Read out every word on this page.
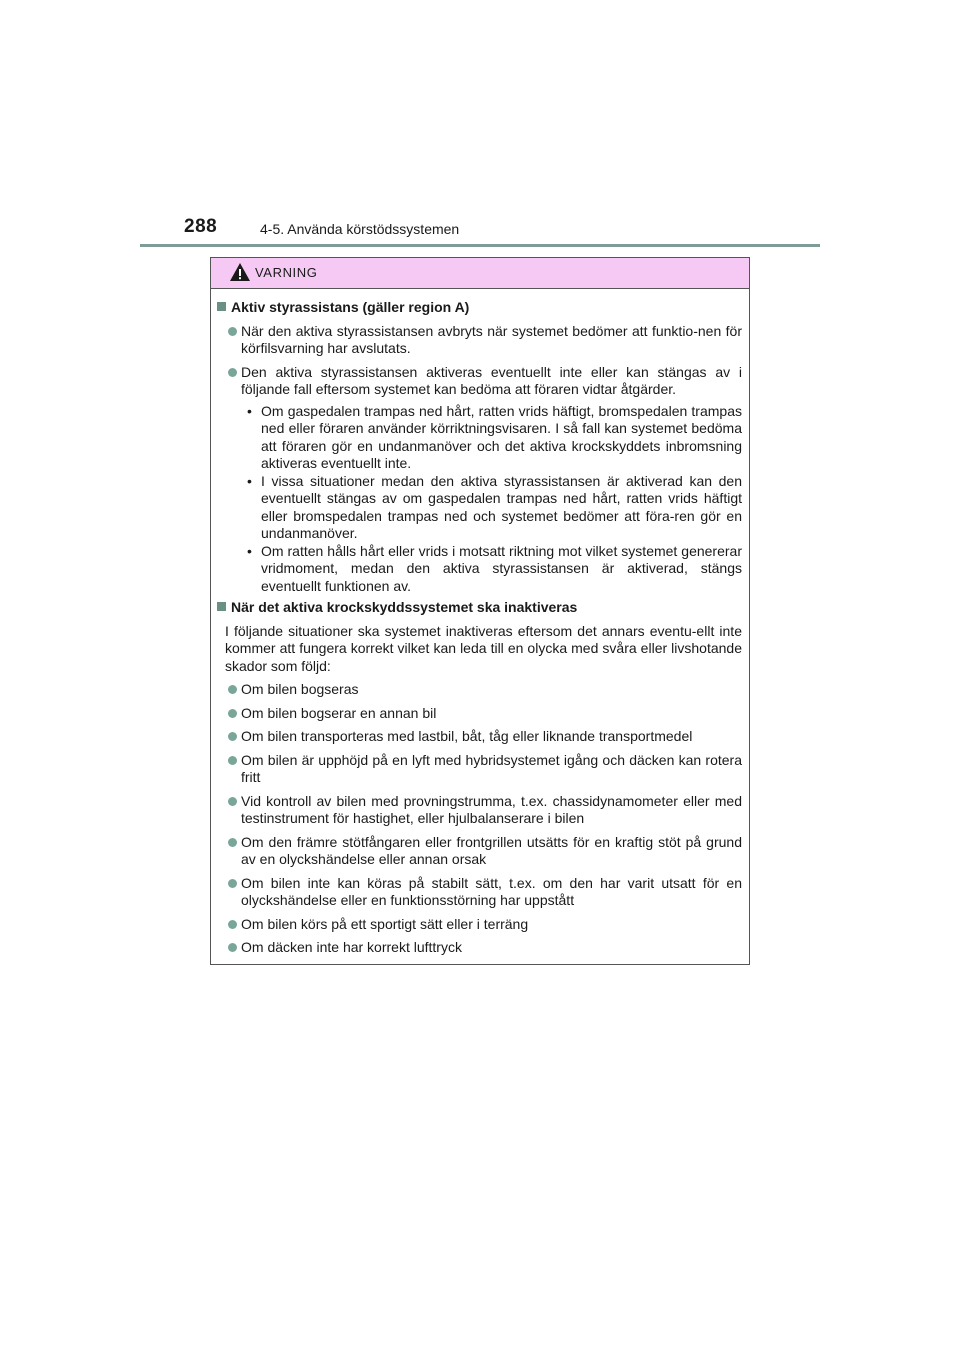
288	4-5. Använda körstödssystemen
VARNING
Aktiv styrassistans (gäller region A)
När den aktiva styrassistansen avbryts när systemet bedömer att funktio-nen för körfilsvarning har avslutats.
Den aktiva styrassistansen aktiveras eventuellt inte eller kan stängas av i följande fall eftersom systemet kan bedöma att föraren vidtar åtgärder.
• Om gaspedalen trampas ned hårt, ratten vrids häftigt, bromspedalen trampas ned eller föraren använder körriktningsvisaren. I så fall kan systemet bedöma att föraren gör en undanmanöver och det aktiva krockskyddets inbromsning aktiveras eventuellt inte.
• I vissa situationer medan den aktiva styrassistansen är aktiverad kan den eventuellt stängas av om gaspedalen trampas ned hårt, ratten vrids häftigt eller bromspedalen trampas ned och systemet bedömer att föra-ren gör en undanmanöver.
• Om ratten hålls hårt eller vrids i motsatt riktning mot vilket systemet genererar vridmoment, medan den aktiva styrassistansen är aktiverad, stängs eventuellt funktionen av.
När det aktiva krockskyddssystemet ska inaktiveras
I följande situationer ska systemet inaktiveras eftersom det annars eventu-ellt inte kommer att fungera korrekt vilket kan leda till en olycka med svåra eller livshotande skador som följd:
Om bilen bogseras
Om bilen bogserar en annan bil
Om bilen transporteras med lastbil, båt, tåg eller liknande transportmedel
Om bilen är upphöjd på en lyft med hybridsystemet igång och däcken kan rotera fritt
Vid kontroll av bilen med provningstrumma, t.ex. chassidynamometer eller med testinstrument för hastighet, eller hjulbalanserare i bilen
Om den främre stötfångaren eller frontgrillen utsätts för en kraftig stöt på grund av en olyckshändelse eller annan orsak
Om bilen inte kan köras på stabilt sätt, t.ex. om den har varit utsatt för en olyckshändelse eller en funktionsstörning har uppstått
Om bilen körs på ett sportigt sätt eller i terräng
Om däcken inte har korrekt lufttryck
